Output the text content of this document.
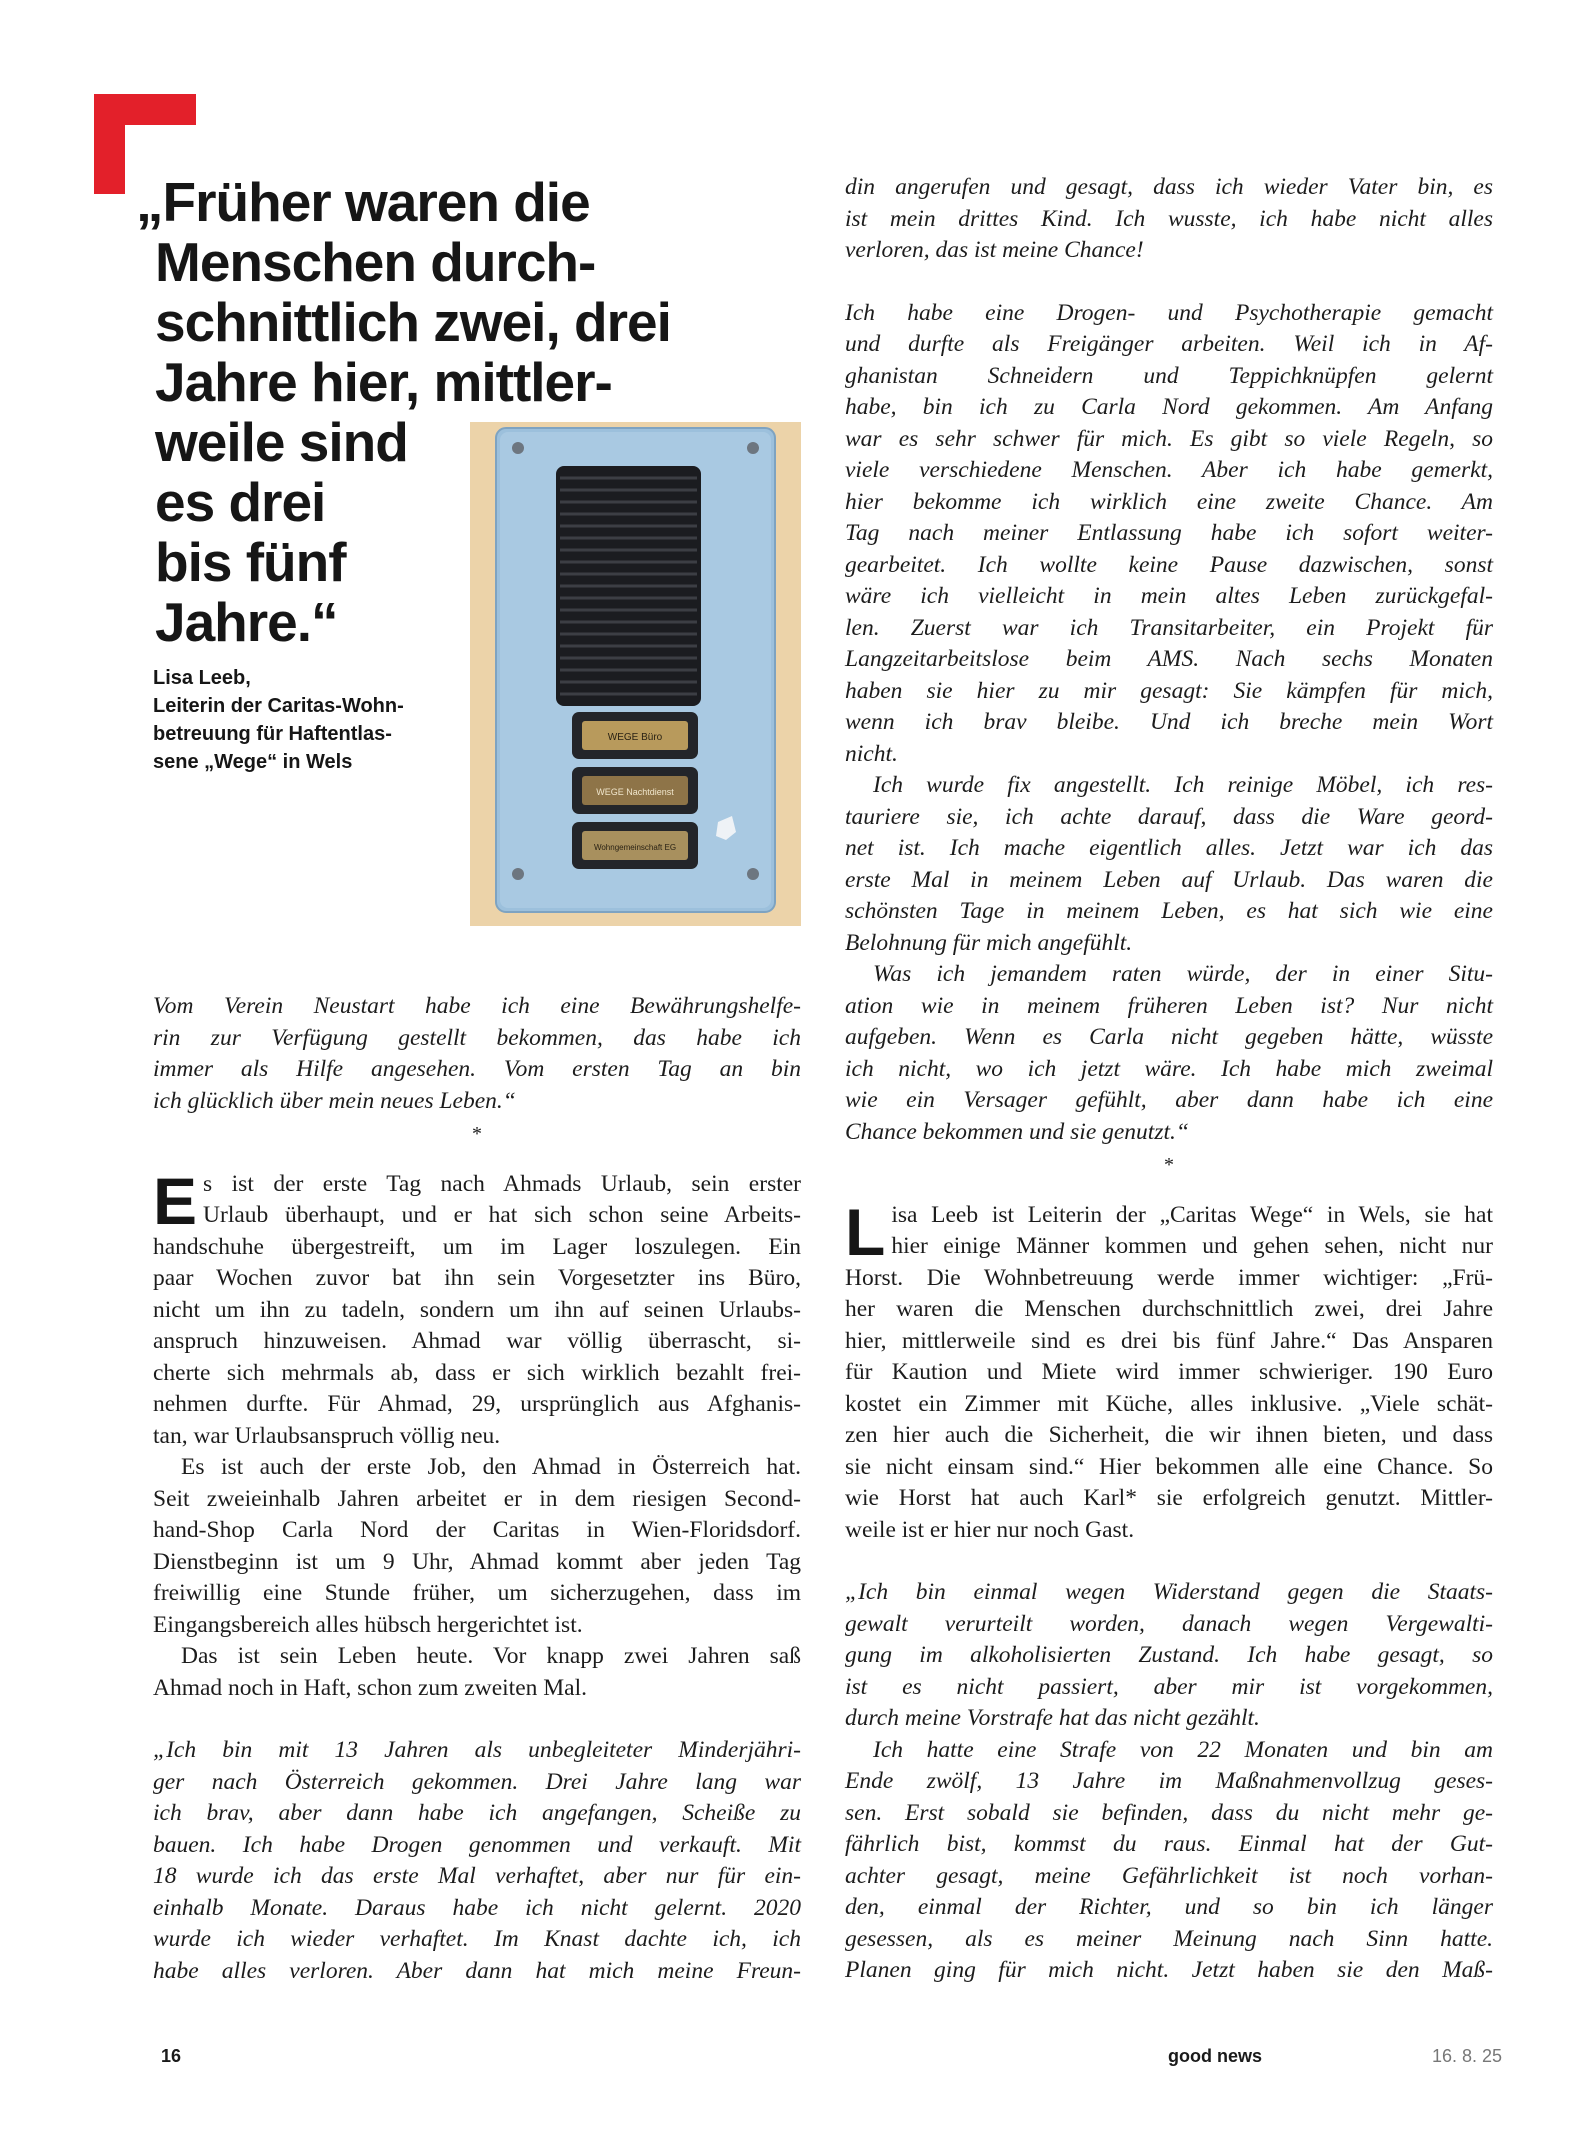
„Früher waren die
Menschen durch-
schnittlich zwei, drei
Jahre hier, mittler-
weile sind
es drei
bis fünf
Jahre.“
Lisa Leeb,
Leiterin der Caritas-Wohn-
betreuung für Haftentlas-
sene „Wege“ in Wels
WEGE Büro
WEGE Nachtdienst
Wohngemeinschaft EG

Vom Verein Neustart habe ich eine Bewährungshelfe-
rin zur Verfügung gestellt bekommen, das habe ich
immer als Hilfe angesehen. Vom ersten Tag an bin
ich glücklich über mein neues Leben.“

*

E s ist der erste Tag nach Ahmads Urlaub, sein erster
Urlaub überhaupt, und er hat sich schon seine Arbeits-
handschuhe übergestreift, um im Lager loszulegen. Ein
paar Wochen zuvor bat ihn sein Vorgesetzter ins Büro,
nicht um ihn zu tadeln, sondern um ihn auf seinen Urlaubs-
anspruch hinzuweisen. Ahmad war völlig überrascht, si-
cherte sich mehrmals ab, dass er sich wirklich bezahlt frei-
nehmen durfte. Für Ahmad, 29, ursprünglich aus Afghanis-
tan, war Urlaubsanspruch völlig neu.

Es ist auch der erste Job, den Ahmad in Österreich hat.
Seit zweieinhalb Jahren arbeitet er in dem riesigen Second-
hand-Shop Carla Nord der Caritas in Wien-Floridsdorf.
Dienstbeginn ist um 9 Uhr, Ahmad kommt aber jeden Tag
freiwillig eine Stunde früher, um sicherzugehen, dass im
Eingangsbereich alles hübsch hergerichtet ist.

Das ist sein Leben heute. Vor knapp zwei Jahren saß
Ahmad noch in Haft, schon zum zweiten Mal.

„Ich bin mit 13 Jahren als unbegleiteter Minderjähri-
ger nach Österreich gekommen. Drei Jahre lang war
ich brav, aber dann habe ich angefangen, Scheiße zu
bauen. Ich habe Drogen genommen und verkauft. Mit
18 wurde ich das erste Mal verhaftet, aber nur für ein-
einhalb Monate. Daraus habe ich nicht gelernt. 2020
wurde ich wieder verhaftet. Im Knast dachte ich, ich
habe alles verloren. Aber dann hat mich meine Freun-

din angerufen und gesagt, dass ich wieder Vater bin, es
ist mein drittes Kind. Ich wusste, ich habe nicht alles
verloren, das ist meine Chance!

Ich habe eine Drogen- und Psychotherapie gemacht
und durfte als Freigänger arbeiten. Weil ich in Af-
ghanistan Schneidern und Teppichknüpfen gelernt
habe, bin ich zu Carla Nord gekommen. Am Anfang
war es sehr schwer für mich. Es gibt so viele Regeln, so
viele verschiedene Menschen. Aber ich habe gemerkt,
hier bekomme ich wirklich eine zweite Chance. Am
Tag nach meiner Entlassung habe ich sofort weiter-
gearbeitet. Ich wollte keine Pause dazwischen, sonst
wäre ich vielleicht in mein altes Leben zurückgefal-
len. Zuerst war ich Transitarbeiter, ein Projekt für
Langzeitarbeitslose beim AMS. Nach sechs Monaten
haben sie hier zu mir gesagt: Sie kämpfen für mich,
wenn ich brav bleibe. Und ich breche mein Wort
nicht.

Ich wurde fix angestellt. Ich reinige Möbel, ich res-
tauriere sie, ich achte darauf, dass die Ware geord-
net ist. Ich mache eigentlich alles. Jetzt war ich das
erste Mal in meinem Leben auf Urlaub. Das waren die
schönsten Tage in meinem Leben, es hat sich wie eine
Belohnung für mich angefühlt.

Was ich jemandem raten würde, der in einer Situ-
ation wie in meinem früheren Leben ist? Nur nicht
aufgeben. Wenn es Carla nicht gegeben hätte, wüsste
ich nicht, wo ich jetzt wäre. Ich habe mich zweimal
wie ein Versager gefühlt, aber dann habe ich eine
Chance bekommen und sie genutzt.“

*

L isa Leeb ist Leiterin der „Caritas Wege“ in Wels, sie hat
hier einige Männer kommen und gehen sehen, nicht nur
Horst. Die Wohnbetreuung werde immer wichtiger: „Frü-
her waren die Menschen durchschnittlich zwei, drei Jahre
hier, mittlerweile sind es drei bis fünf Jahre.“ Das Ansparen
für Kaution und Miete wird immer schwieriger. 190 Euro
kostet ein Zimmer mit Küche, alles inklusive. „Viele schät-
zen hier auch die Sicherheit, die wir ihnen bieten, und dass
sie nicht einsam sind.“ Hier bekommen alle eine Chance. So
wie Horst hat auch Karl* sie erfolgreich genutzt. Mittler-
weile ist er hier nur noch Gast.

„Ich bin einmal wegen Widerstand gegen die Staats-
gewalt verurteilt worden, danach wegen Vergewalti-
gung im alkoholisierten Zustand. Ich habe gesagt, so
ist es nicht passiert, aber mir ist vorgekommen,
durch meine Vorstrafe hat das nicht gezählt.

Ich hatte eine Strafe von 22 Monaten und bin am
Ende zwölf, 13 Jahre im Maßnahmenvollzug geses-
sen. Erst sobald sie befinden, dass du nicht mehr ge-
fährlich bist, kommst du raus. Einmal hat der Gut-
achter gesagt, meine Gefährlichkeit ist noch vorhan-
den, einmal der Richter, und so bin ich länger
gesessen, als es meiner Meinung nach Sinn hatte.
Planen ging für mich nicht. Jetzt haben sie den Maß-

16	good news	16. 8. 25
